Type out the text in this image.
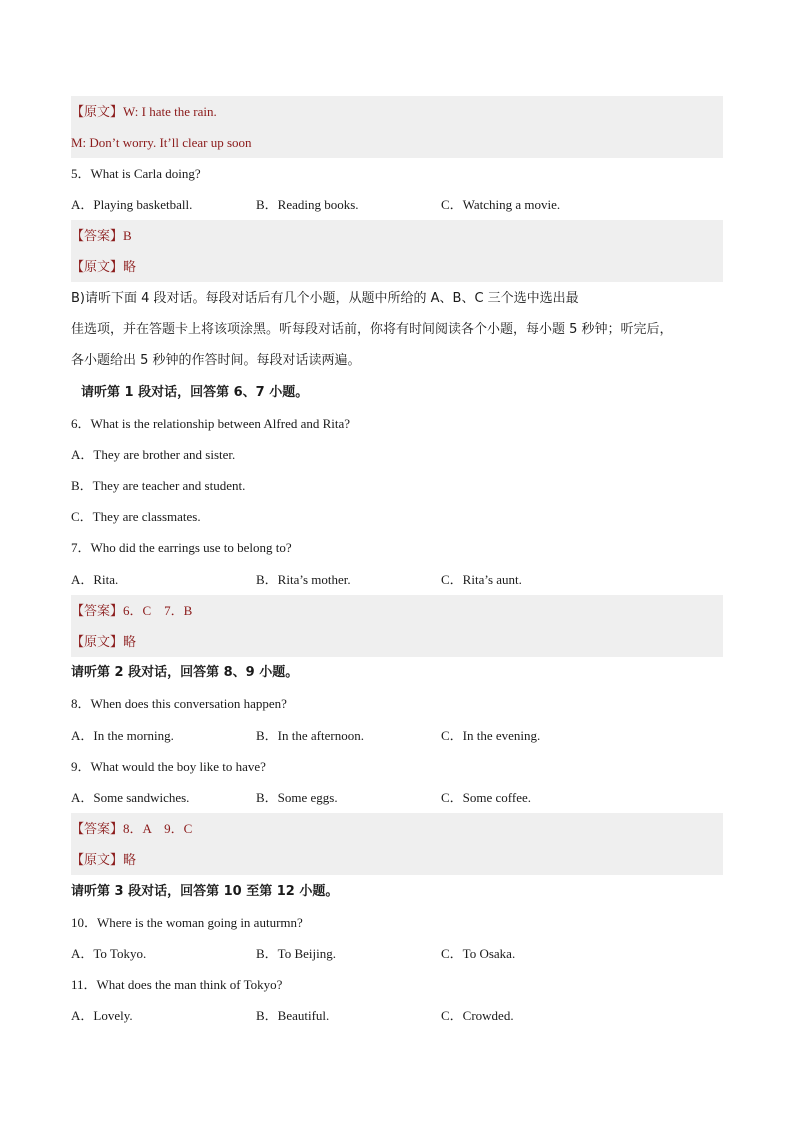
【原文】W: I hate the rain.
M: Don’t worry. It’ll clear up soon
5．What is Carla doing?
A．Playing basketball.	B．Reading books.	C．Watching a movie.
【答案】B
【原文】略
B)请听下面 4 段对话。每段对话后有几个小题，从题中所给的 A、B、C 三个选中选出最
佳选项，并在答题卡上将该项涂黑。听每段对话前，你将有时间阅读各个小题，每小题 5 秒钟；听完后，
各小题给出 5 秒钟的作答时间。每段对话读两遍。
请听第 1 段对话，回答第 6、7 小题。
6．What is the relationship between Alfred and Rita?
A．They are brother and sister.
B．They are teacher and student.
C．They are classmates.
7．Who did the earrings use to belong to?
A．Rita.	B．Rita’s mother.	C．Rita’s aunt.
【答案】6．C    7．B
【原文】略
请听第 2 段对话，回答第 8、9 小题。
8．When does this conversation happen?
A．In the morning.	B．In the afternoon.	C．In the evening.
9．What would the boy like to have?
A．Some sandwiches.	B．Some eggs.	C．Some coffee.
【答案】8．A    9．C
【原文】略
请听第 3 段对话，回答第 10 至第 12 小题。
10．Where is the woman going in auturmn?
A．To Tokyo.	B．To Beijing.	C．To Osaka.
11．What does the man think of Tokyo?
A．Lovely.	B．Beautiful.	C．Crowded.
